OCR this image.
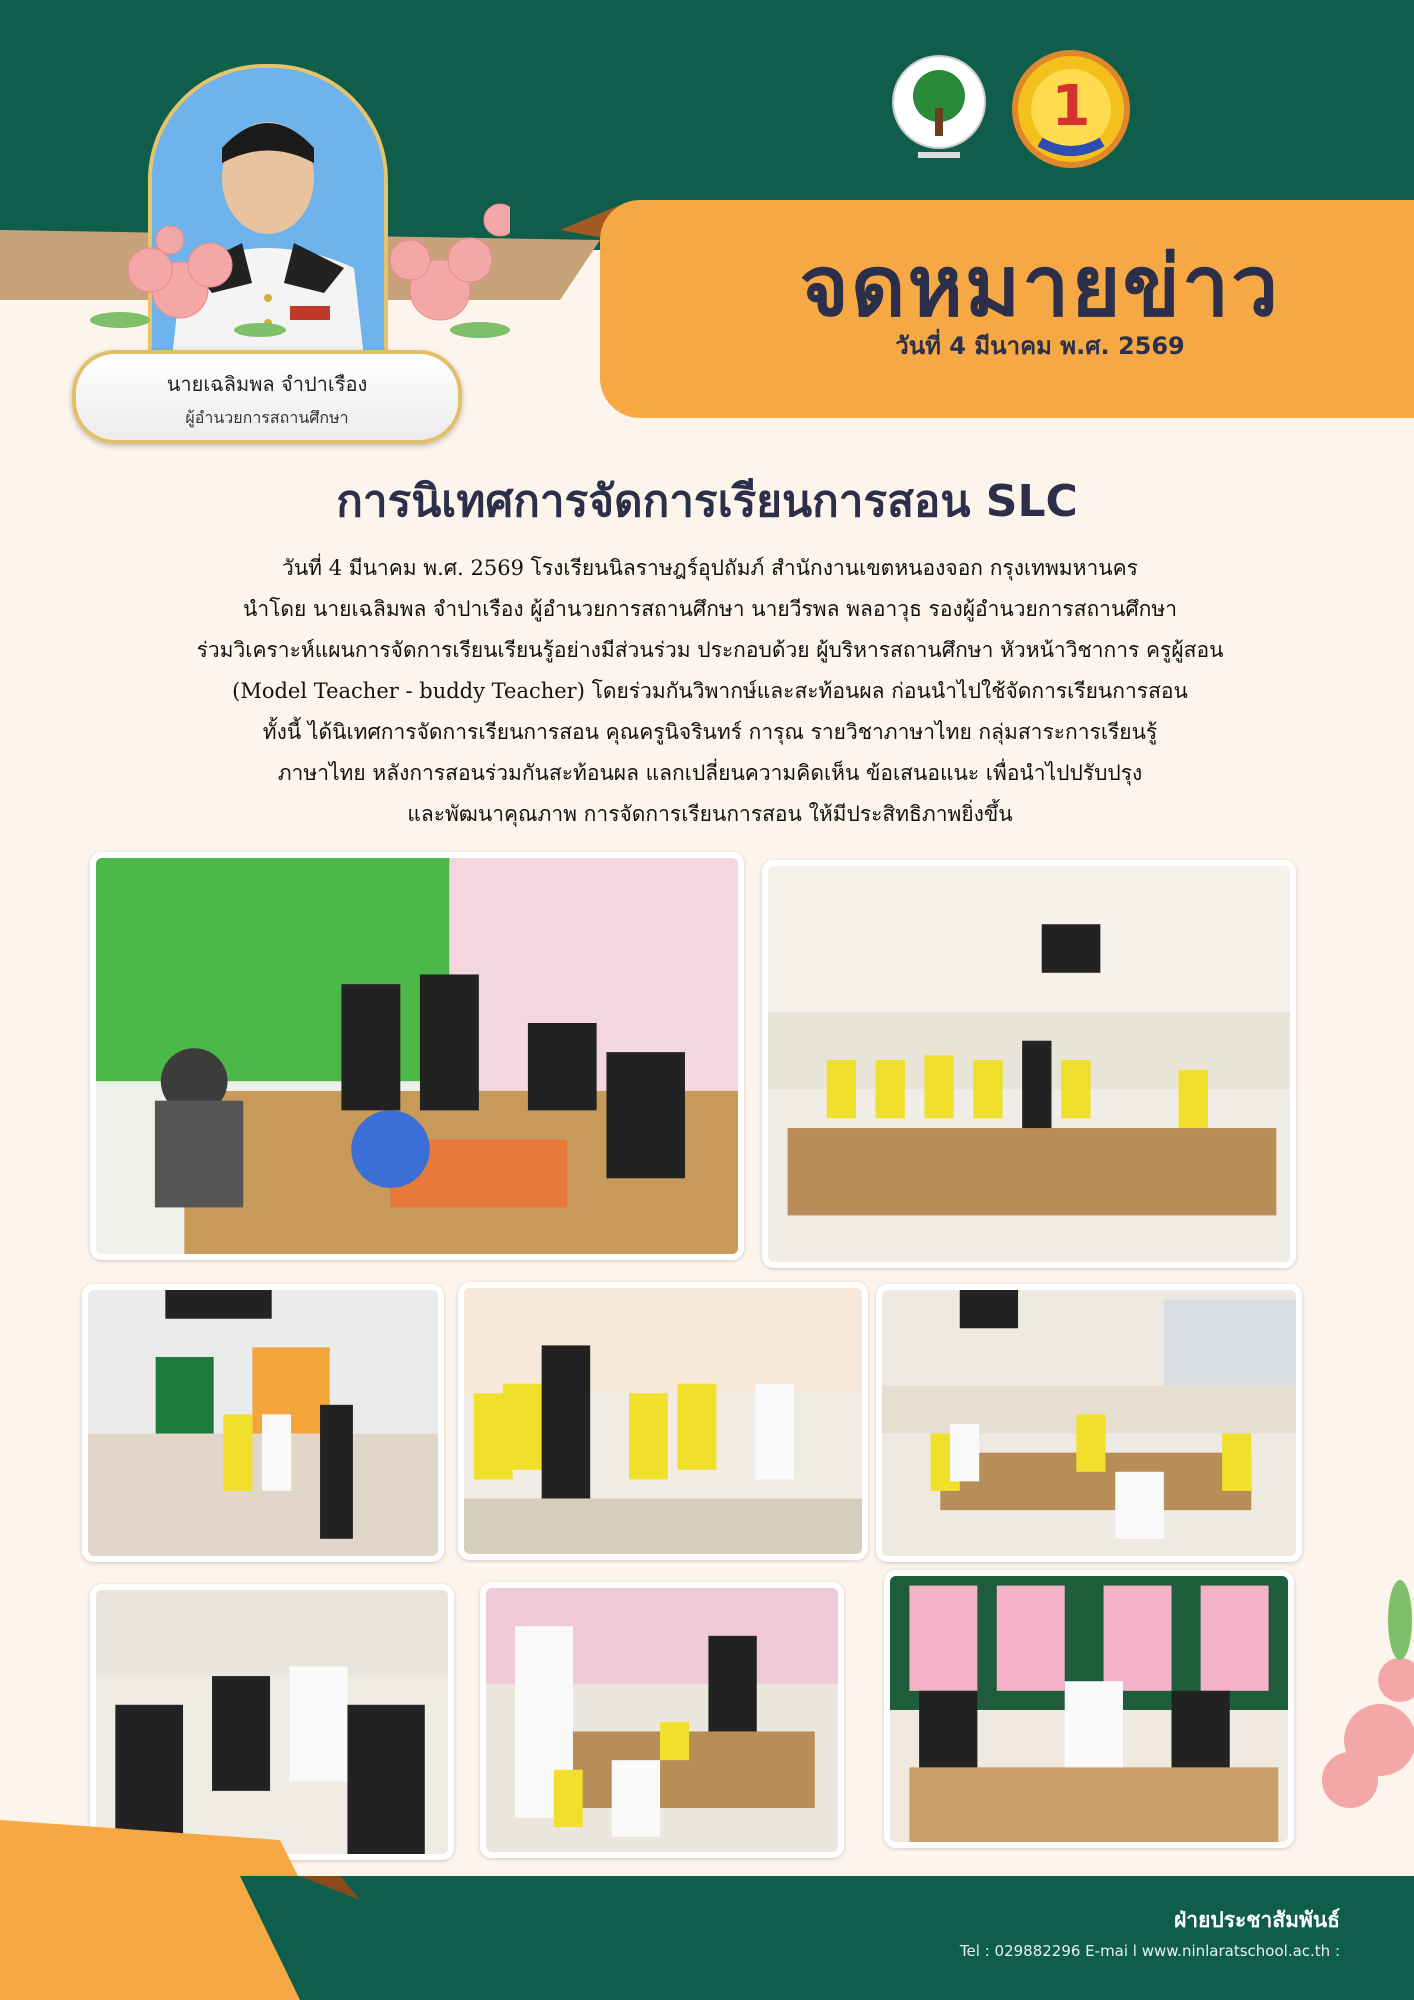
นายเฉลิมพล จำปาเรือง
ผู้อำนวยการสถานศึกษา
1
จดหมายข่าว
วันที่ 4 มีนาคม พ.ศ. 2569
การนิเทศการจัดการเรียนการสอน SLC
วันที่ 4 มีนาคม พ.ศ. 2569 โรงเรียนนิลราษฎร์อุปถัมภ์ สำนักงานเขตหนองจอก กรุงเทพมหานคร
นำโดย นายเฉลิมพล จำปาเรือง ผู้อำนวยการสถานศึกษา นายวีรพล พลอาวุธ รองผู้อำนวยการสถานศึกษา
ร่วมวิเคราะห์แผนการจัดการเรียนเรียนรู้อย่างมีส่วนร่วม ประกอบด้วย ผู้บริหารสถานศึกษา หัวหน้าวิชาการ ครูผู้สอน
(Model Teacher - buddy Teacher) โดยร่วมกันวิพากษ์และสะท้อนผล ก่อนนำไปใช้จัดการเรียนการสอน
ทั้งนี้ ได้นิเทศการจัดการเรียนการสอน คุณครูนิจรินทร์ การุณ รายวิชาภาษาไทย กลุ่มสาระการเรียนรู้
ภาษาไทย หลังการสอนร่วมกันสะท้อนผล แลกเปลี่ยนความคิดเห็น ข้อเสนอแนะ เพื่อนำไปปรับปรุง
และพัฒนาคุณภาพ การจัดการเรียนการสอน ให้มีประสิทธิภาพยิ่งขึ้น
ฝ่ายประชาสัมพันธ์
Tel : 029882296 E-mai l www.ninlaratschool.ac.th :
